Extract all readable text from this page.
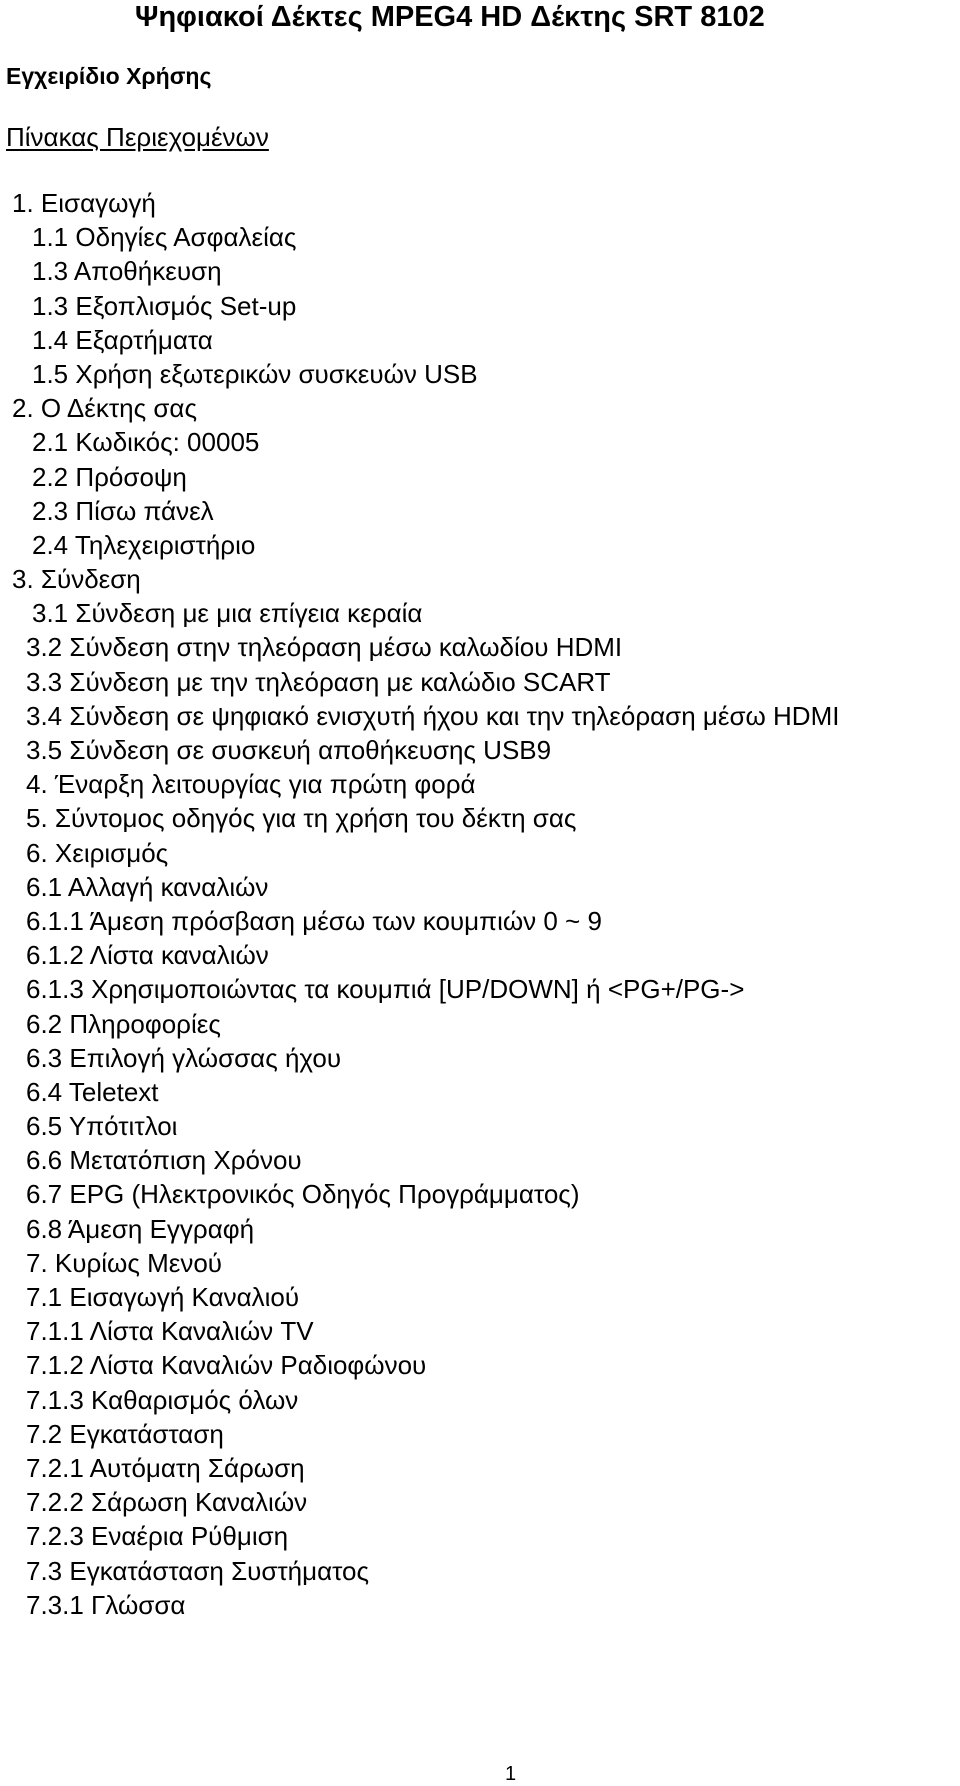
Ψηφιακοί Δέκτες MPEG4 HD Δέκτης SRT 8102
Εγχειρίδιο Χρήσης
Πίνακας Περιεχομένων
1. Εισαγωγή
1.1 Οδηγίες Ασφαλείας
1.3 Αποθήκευση
1.3 Εξοπλισμός Set-up
1.4 Εξαρτήματα
1.5 Χρήση εξωτερικών συσκευών USB
2. Ο Δέκτης σας
2.1 Κωδικός: 00005
2.2 Πρόσοψη
2.3 Πίσω πάνελ
2.4 Τηλεχειριστήριο
3. Σύνδεση
3.1 Σύνδεση με μια επίγεια κεραία
3.2 Σύνδεση στην τηλεόραση μέσω καλωδίου HDMI
3.3 Σύνδεση με την τηλεόραση με καλώδιο SCART
3.4 Σύνδεση σε ψηφιακό ενισχυτή ήχου και την τηλεόραση μέσω HDMI
3.5 Σύνδεση σε συσκευή αποθήκευσης USB9
4. Έναρξη λειτουργίας για πρώτη φορά
5. Σύντομος οδηγός για τη χρήση του δέκτη σας
6. Χειρισμός
6.1 Αλλαγή καναλιών
6.1.1 Άμεση πρόσβαση μέσω των κουμπιών 0 ~ 9
6.1.2 Λίστα καναλιών
6.1.3 Χρησιμοποιώντας τα κουμπιά [UP/DOWN] ή <PG+/PG->
6.2 Πληροφορίες
6.3 Επιλογή γλώσσας ήχου
6.4 Teletext
6.5 Υπότιτλοι
6.6 Μετατόπιση Χρόνου
6.7 EPG (Ηλεκτρονικός Οδηγός Προγράμματος)
6.8 Άμεση Εγγραφή
7. Κυρίως Μενού
7.1 Εισαγωγή Καναλιού
7.1.1 Λίστα Καναλιών TV
7.1.2 Λίστα Καναλιών Ραδιοφώνου
7.1.3 Καθαρισμός όλων
7.2 Εγκατάσταση
7.2.1 Αυτόματη Σάρωση
7.2.2 Σάρωση Καναλιών
7.2.3 Εναέρια Ρύθμιση
7.3 Εγκατάσταση Συστήματος
7.3.1 Γλώσσα
1
